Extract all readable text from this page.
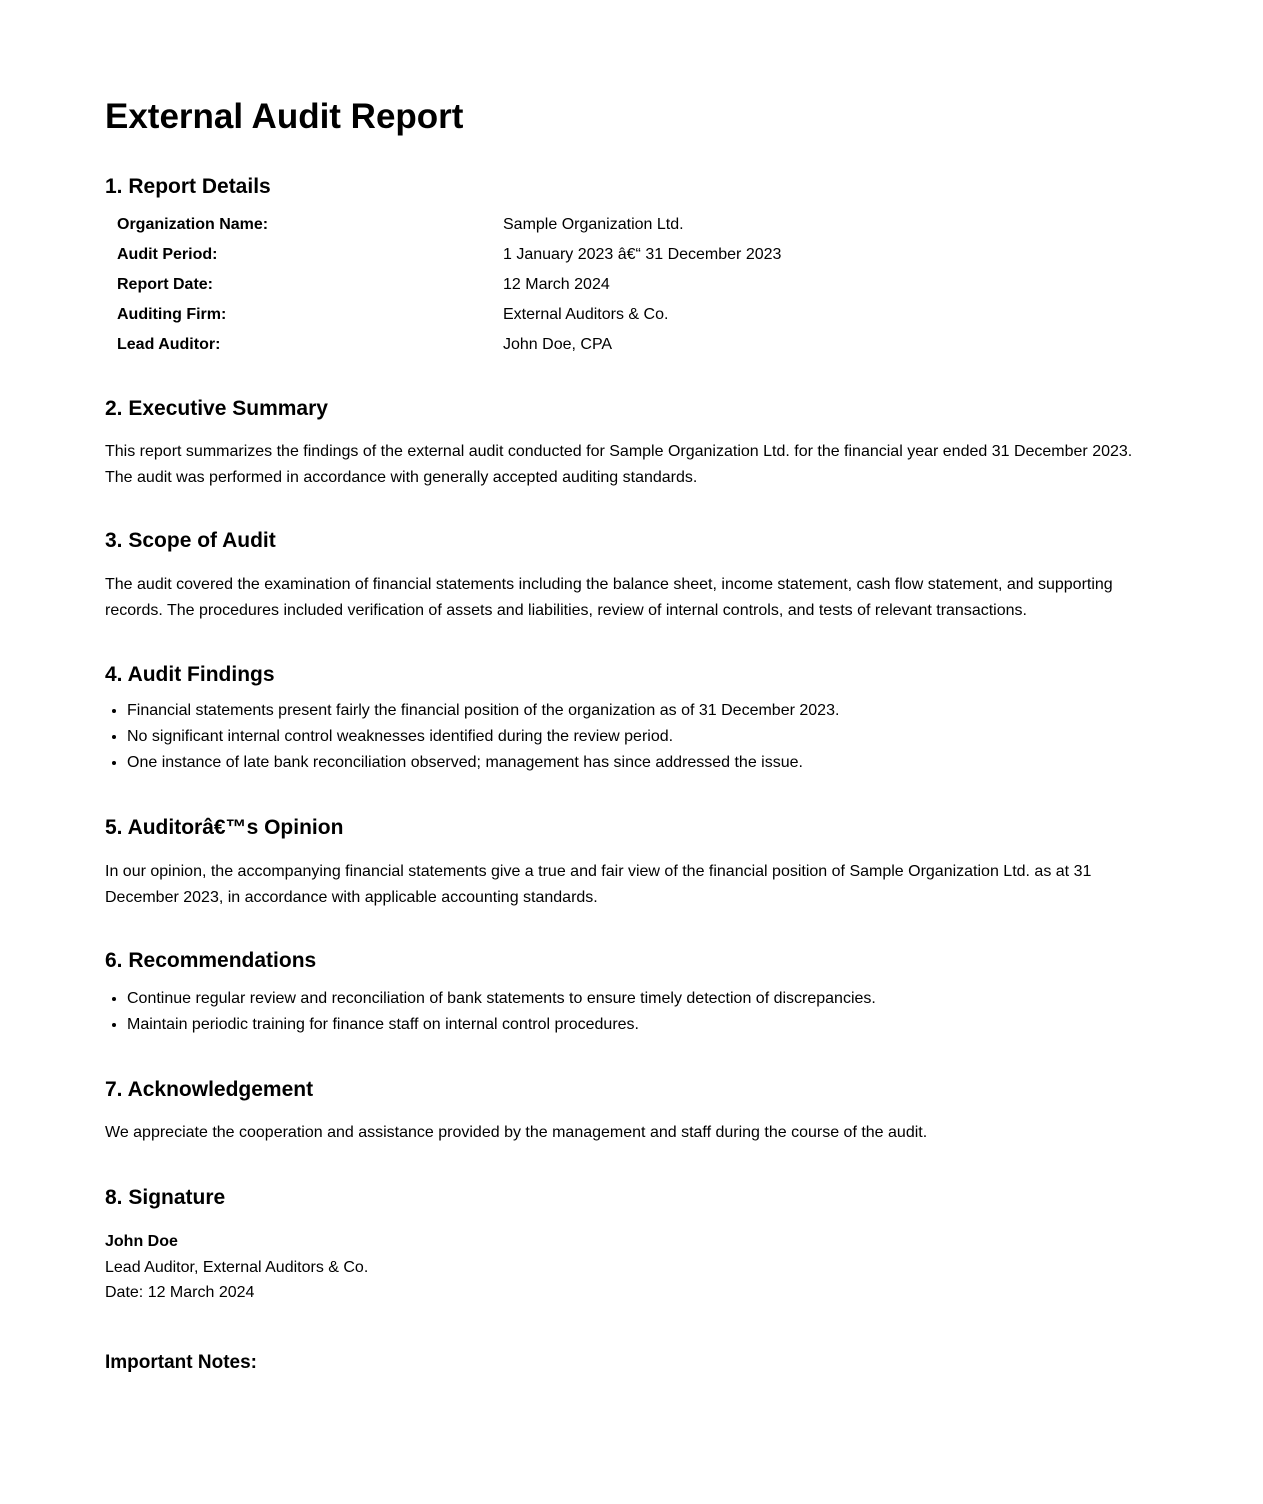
External Audit Report
1. Report Details
Organization Name:	Sample Organization Ltd.
Audit Period:	1 January 2023 â€“ 31 December 2023
Report Date:	12 March 2024
Auditing Firm:	External Auditors & Co.
Lead Auditor:	John Doe, CPA
2. Executive Summary

This report summarizes the findings of the external audit conducted for Sample Organization Ltd. for the financial year ended 31 December 2023. The audit was performed in accordance with generally accepted auditing standards.

3. Scope of Audit

The audit covered the examination of financial statements including the balance sheet, income statement, cash flow statement, and supporting records. The procedures included verification of assets and liabilities, review of internal controls, and tests of relevant transactions.

4. Audit Findings
• Financial statements present fairly the financial position of the organization as of 31 December 2023.
• No significant internal control weaknesses identified during the review period.
• One instance of late bank reconciliation observed; management has since addressed the issue.
5. Auditorâ€™s Opinion

In our opinion, the accompanying financial statements give a true and fair view of the financial position of Sample Organization Ltd. as at 31 December 2023, in accordance with applicable accounting standards.

6. Recommendations
• Continue regular review and reconciliation of bank statements to ensure timely detection of discrepancies.
• Maintain periodic training for finance staff on internal control procedures.
7. Acknowledgement

We appreciate the cooperation and assistance provided by the management and staff during the course of the audit.

8. Signature

John Doe

Lead Auditor, External Auditors & Co.

Date: 12 March 2024

Important Notes:
